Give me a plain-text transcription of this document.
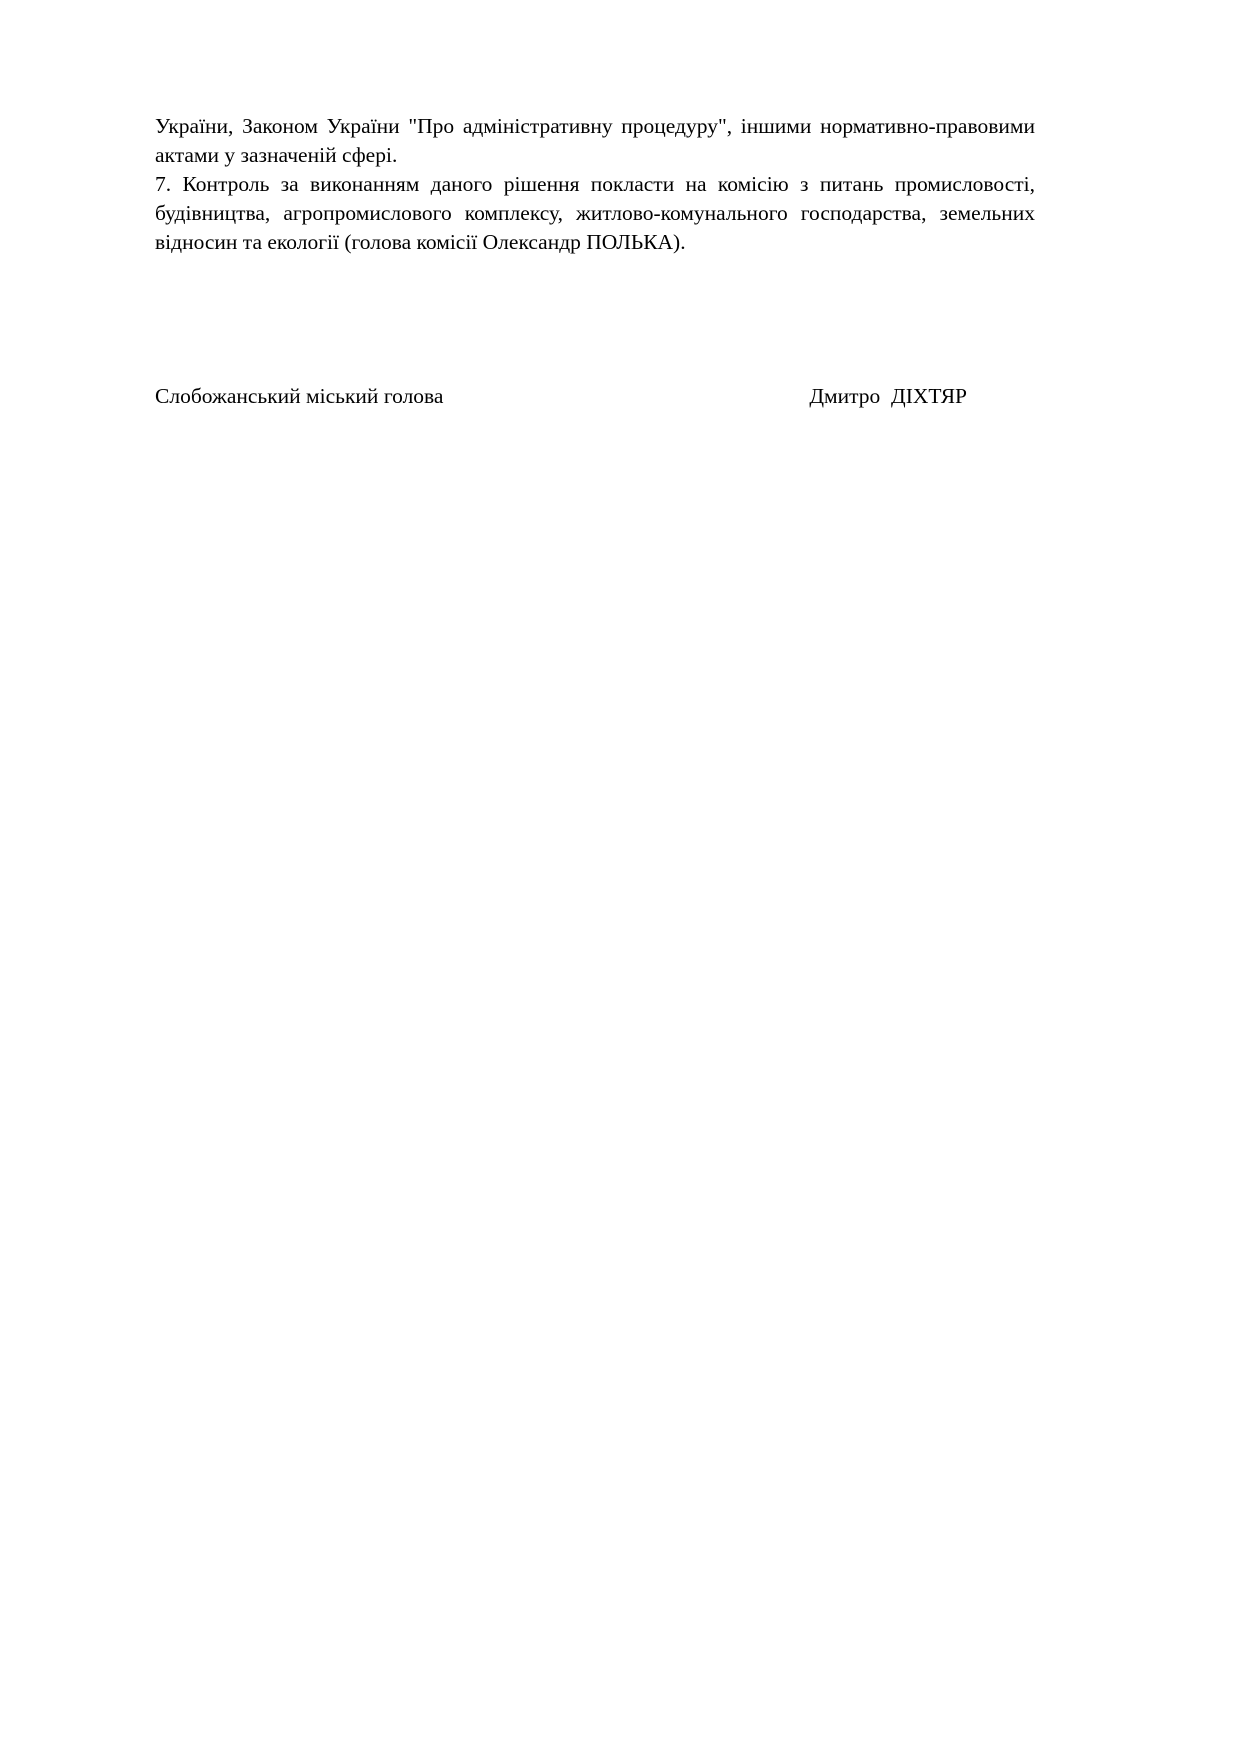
України, Законом України "Про адміністративну процедуру", іншими нормативно-правовими актами у зазначеній сфері.

7. Контроль за виконанням даного рішення покласти на комісію з питань промисловості, будівництва, агропромислового комплексу, житлово-комунального господарства, земельних відносин та екології (голова комісії Олександр ПОЛЬКА).

Слобожанський міський голова	Дмитро  ДІХТЯР
